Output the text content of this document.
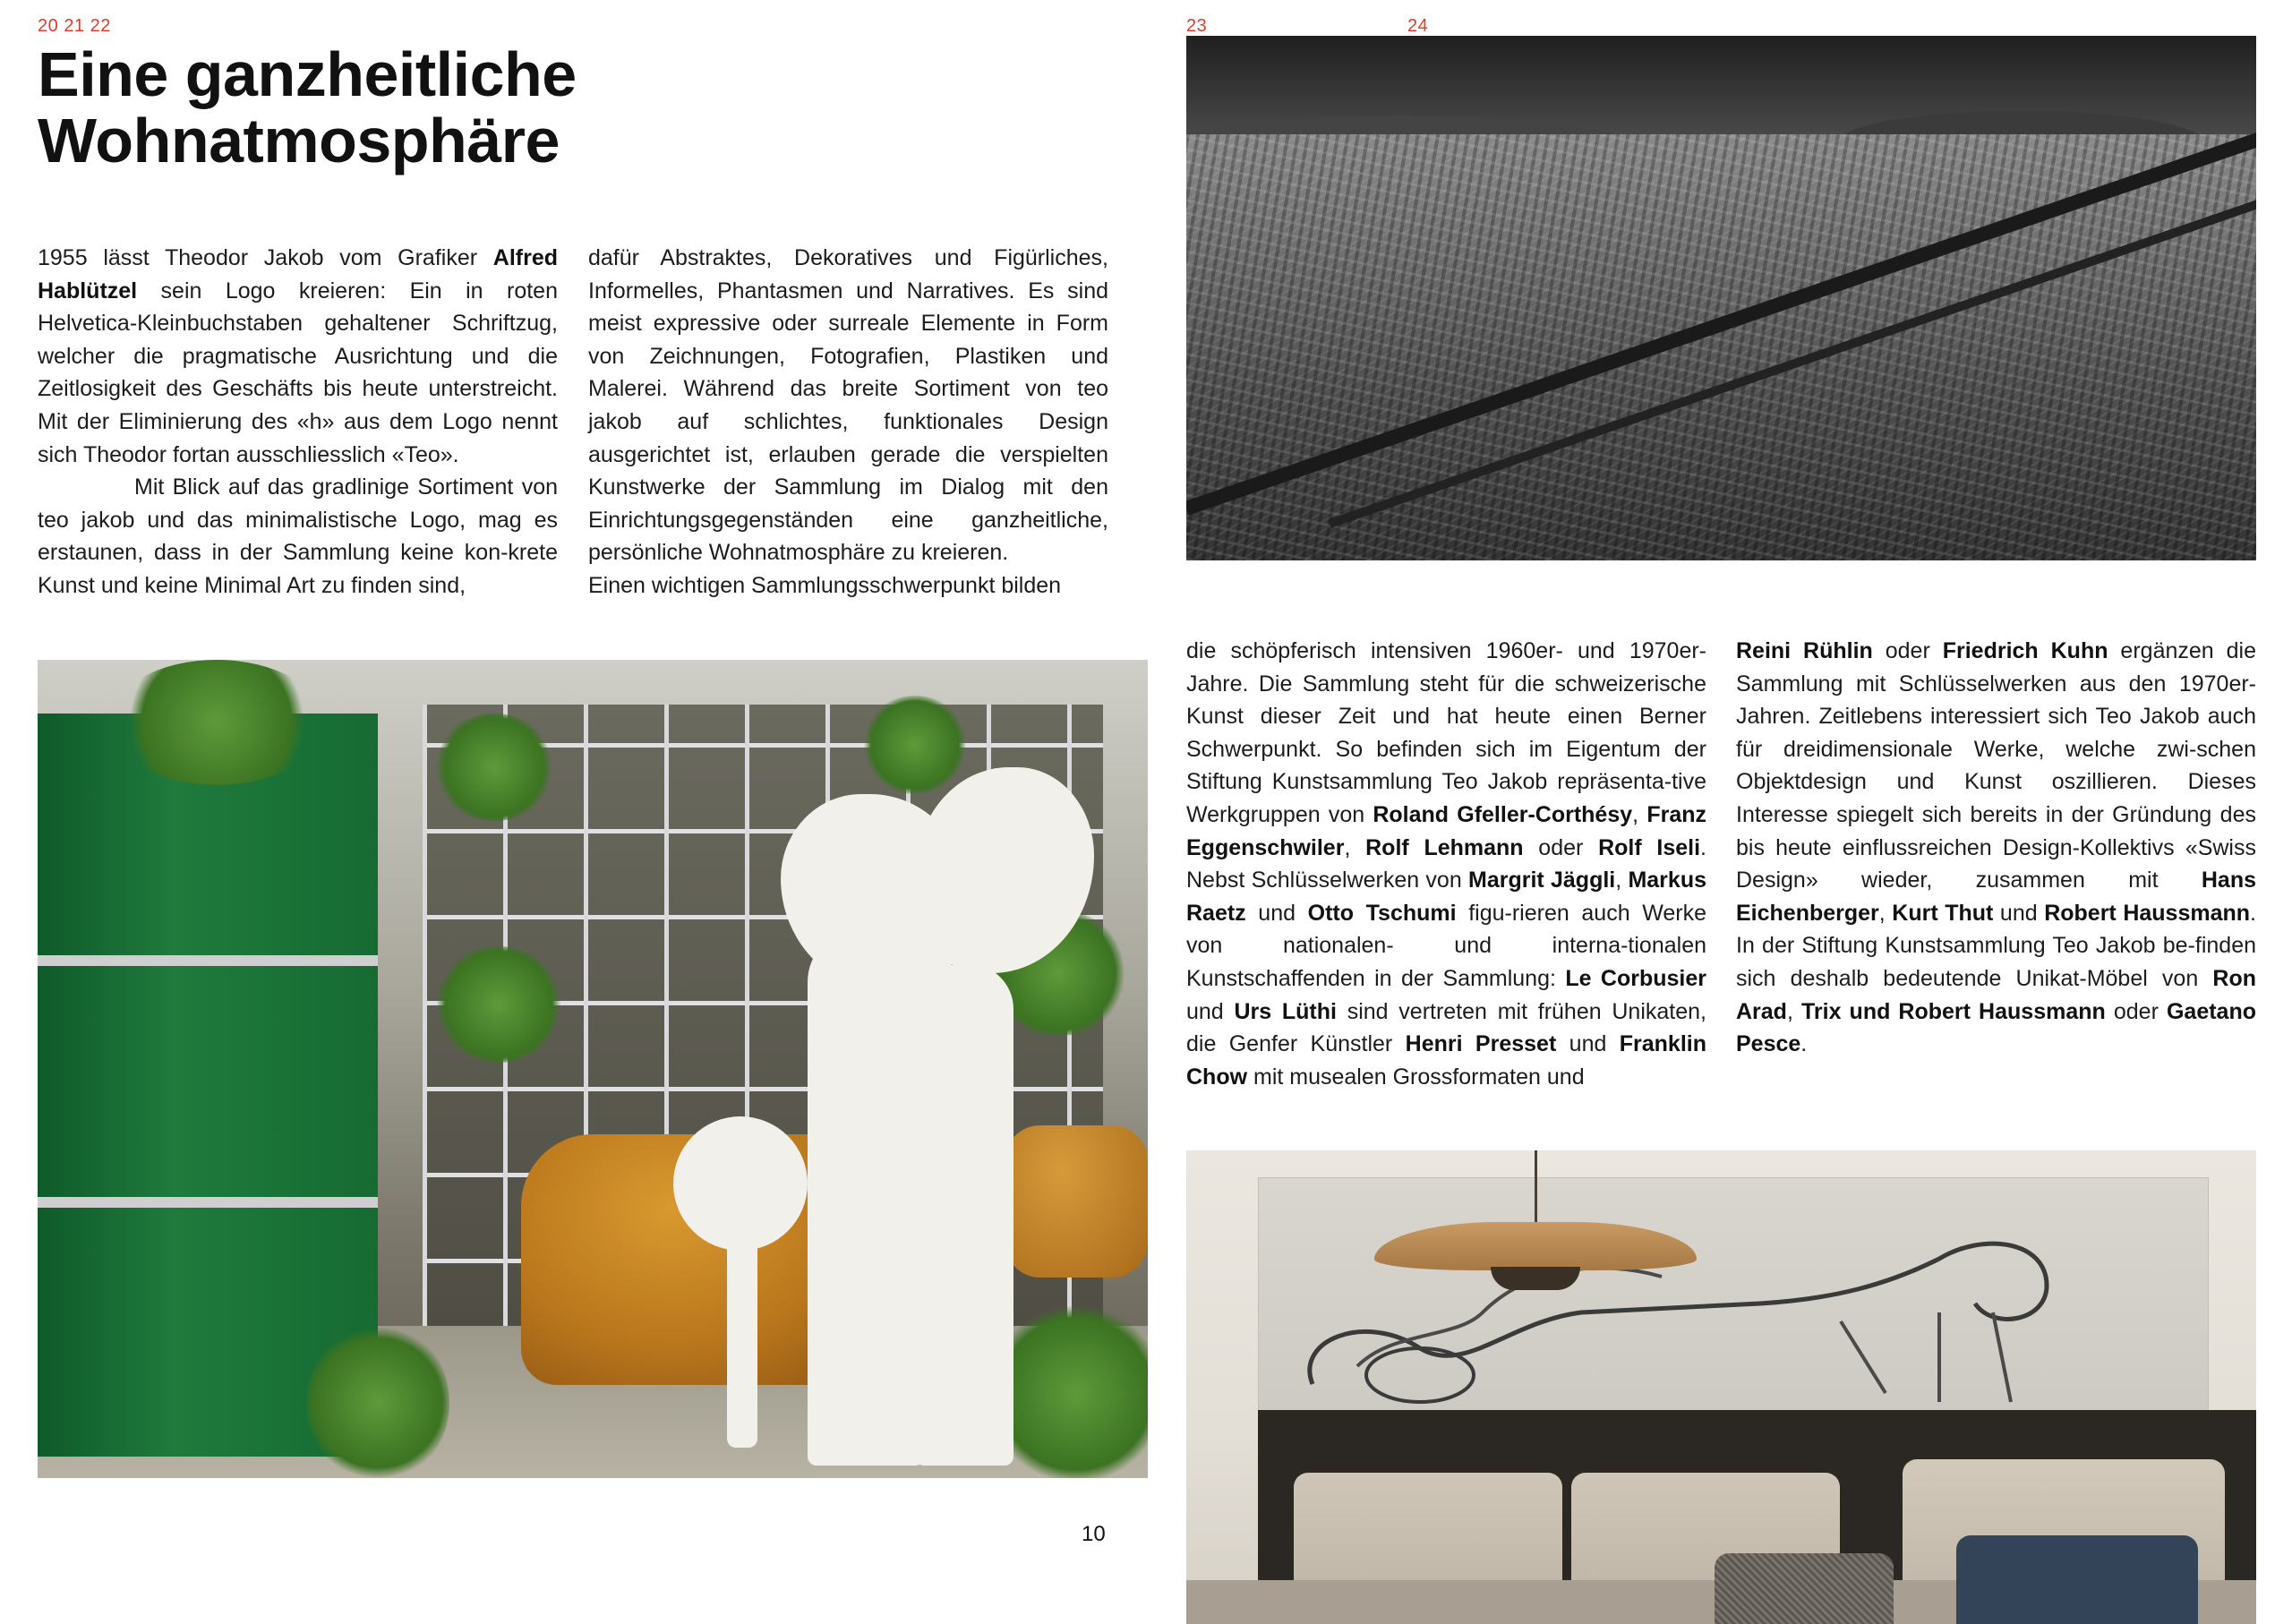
20 21 22	23	24
Eine ganzheitliche
Wohnatmosphäre

1955 lässt Theodor Jakob vom Grafiker Alfred Hablützel sein Logo kreieren: Ein in roten Helvetica-Kleinbuchstaben gehaltener Schriftzug, welcher die pragmatische Ausrichtung und die Zeitlosigkeit des Geschäfts bis heute unterstreicht. Mit der Eliminierung des «h» aus dem Logo nennt sich Theodor fortan ausschliesslich «Teo».

Mit Blick auf das gradlinige Sortiment von teo jakob und das minimalistische Logo, mag es erstaunen, dass in der Sammlung keine kon-krete Kunst und keine Minimal Art zu finden sind,

dafür Abstraktes, Dekoratives und Figürliches, Informelles, Phantasmen und Narratives. Es sind meist expressive oder surreale Elemente in Form von Zeichnungen, Fotografien, Plastiken und Malerei. Während das breite Sortiment von teo jakob auf schlichtes, funktionales Design ausgerichtet ist, erlauben gerade die verspielten Kunstwerke der Sammlung im Dialog mit den Einrichtungsgegenständen eine ganzheitliche, persönliche Wohnatmosphäre zu kreieren.

Einen wichtigen Sammlungsschwerpunkt bilden

die schöpferisch intensiven 1960er- und 1970er-Jahre. Die Sammlung steht für die schweizerische Kunst dieser Zeit und hat heute einen Berner Schwerpunkt. So befinden sich im Eigentum der Stiftung Kunstsammlung Teo Jakob repräsenta-tive Werkgruppen von Roland Gfeller-Corthésy, Franz Eggenschwiler, Rolf Lehmann oder Rolf Iseli. Nebst Schlüsselwerken von Margrit Jäggli, Markus Raetz und Otto Tschumi figu-rieren auch Werke von nationalen- und interna-tionalen Kunstschaffenden in der Sammlung: Le Corbusier und Urs Lüthi sind vertreten mit frühen Unikaten, die Genfer Künstler Henri Presset und Franklin Chow mit musealen Grossformaten und

Reini Rühlin oder Friedrich Kuhn ergänzen die Sammlung mit Schlüsselwerken aus den 1970er-Jahren. Zeitlebens interessiert sich Teo Jakob auch für dreidimensionale Werke, welche zwi-schen Objektdesign und Kunst oszillieren. Dieses Interesse spiegelt sich bereits in der Gründung des bis heute einflussreichen Design-Kollektivs «Swiss Design» wieder, zusammen mit Hans Eichenberger, Kurt Thut und Robert Haussmann. In der Stiftung Kunstsammlung Teo Jakob be-finden sich deshalb bedeutende Unikat-Möbel von Ron Arad, Trix und Robert Haussmann oder Gaetano Pesce.

10
